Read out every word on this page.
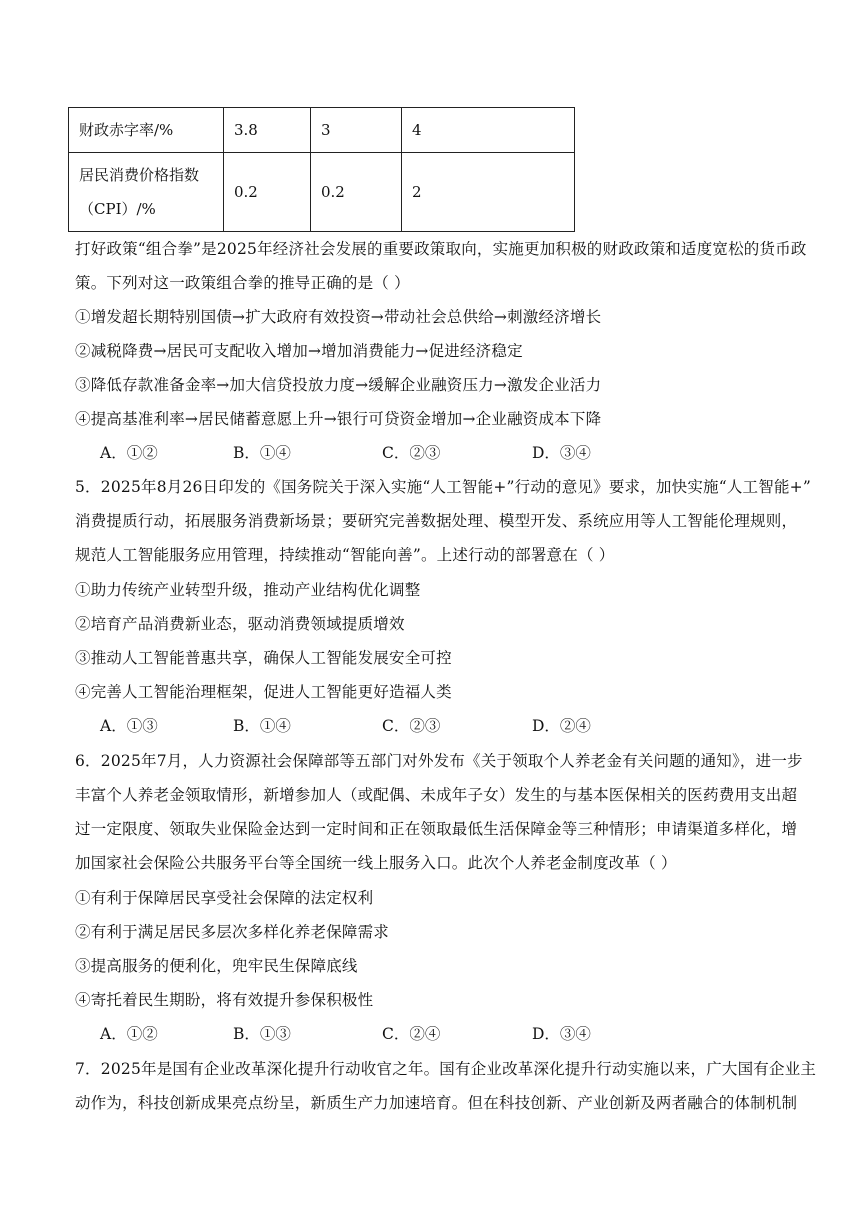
财政赤字率/%	3.8	3	4

居民消费价格指数
（CPI）/%	0.2	0.2	2
打好政策“组合拳”是2025年经济社会发展的重要政策取向，实施更加积极的财政政策和适度宽松的货币政
策。下列对这一政策组合拳的推导正确的是（ ）
①增发超长期特别国债→扩大政府有效投资→带动社会总供给→刺激经济增长
②减税降费→居民可支配收入增加→增加消费能力→促进经济稳定
③降低存款准备金率→加大信贷投放力度→缓解企业融资压力→激发企业活力
④提高基准利率→居民储蓄意愿上升→银行可贷资金增加→企业融资成本下降
A．①②	B．①④	C．②③	D．③④
5．2025年8月26日印发的《国务院关于深入实施“人工智能+”行动的意见》要求，加快实施“人工智能+”
消费提质行动，拓展服务消费新场景；要研究完善数据处理、模型开发、系统应用等人工智能伦理规则，
规范人工智能服务应用管理，持续推动“智能向善”。上述行动的部署意在（ ）
①助力传统产业转型升级，推动产业结构优化调整
②培育产品消费新业态，驱动消费领域提质增效
③推动人工智能普惠共享，确保人工智能发展安全可控
④完善人工智能治理框架，促进人工智能更好造福人类
A．①③	B．①④	C．②③	D．②④
6．2025年7月，人力资源社会保障部等五部门对外发布《关于领取个人养老金有关问题的通知》，进一步
丰富个人养老金领取情形，新增参加人（或配偶、未成年子女）发生的与基本医保相关的医药费用支出超
过一定限度、领取失业保险金达到一定时间和正在领取最低生活保障金等三种情形；申请渠道多样化，增
加国家社会保险公共服务平台等全国统一线上服务入口。此次个人养老金制度改革（ ）
①有利于保障居民享受社会保障的法定权利
②有利于满足居民多层次多样化养老保障需求
③提高服务的便利化，兜牢民生保障底线
④寄托着民生期盼，将有效提升参保积极性
A．①②	B．①③	C．②④	D．③④
7．2025年是国有企业改革深化提升行动收官之年。国有企业改革深化提升行动实施以来，广大国有企业主
动作为，科技创新成果亮点纷呈，新质生产力加速培育。但在科技创新、产业创新及两者融合的体制机制
